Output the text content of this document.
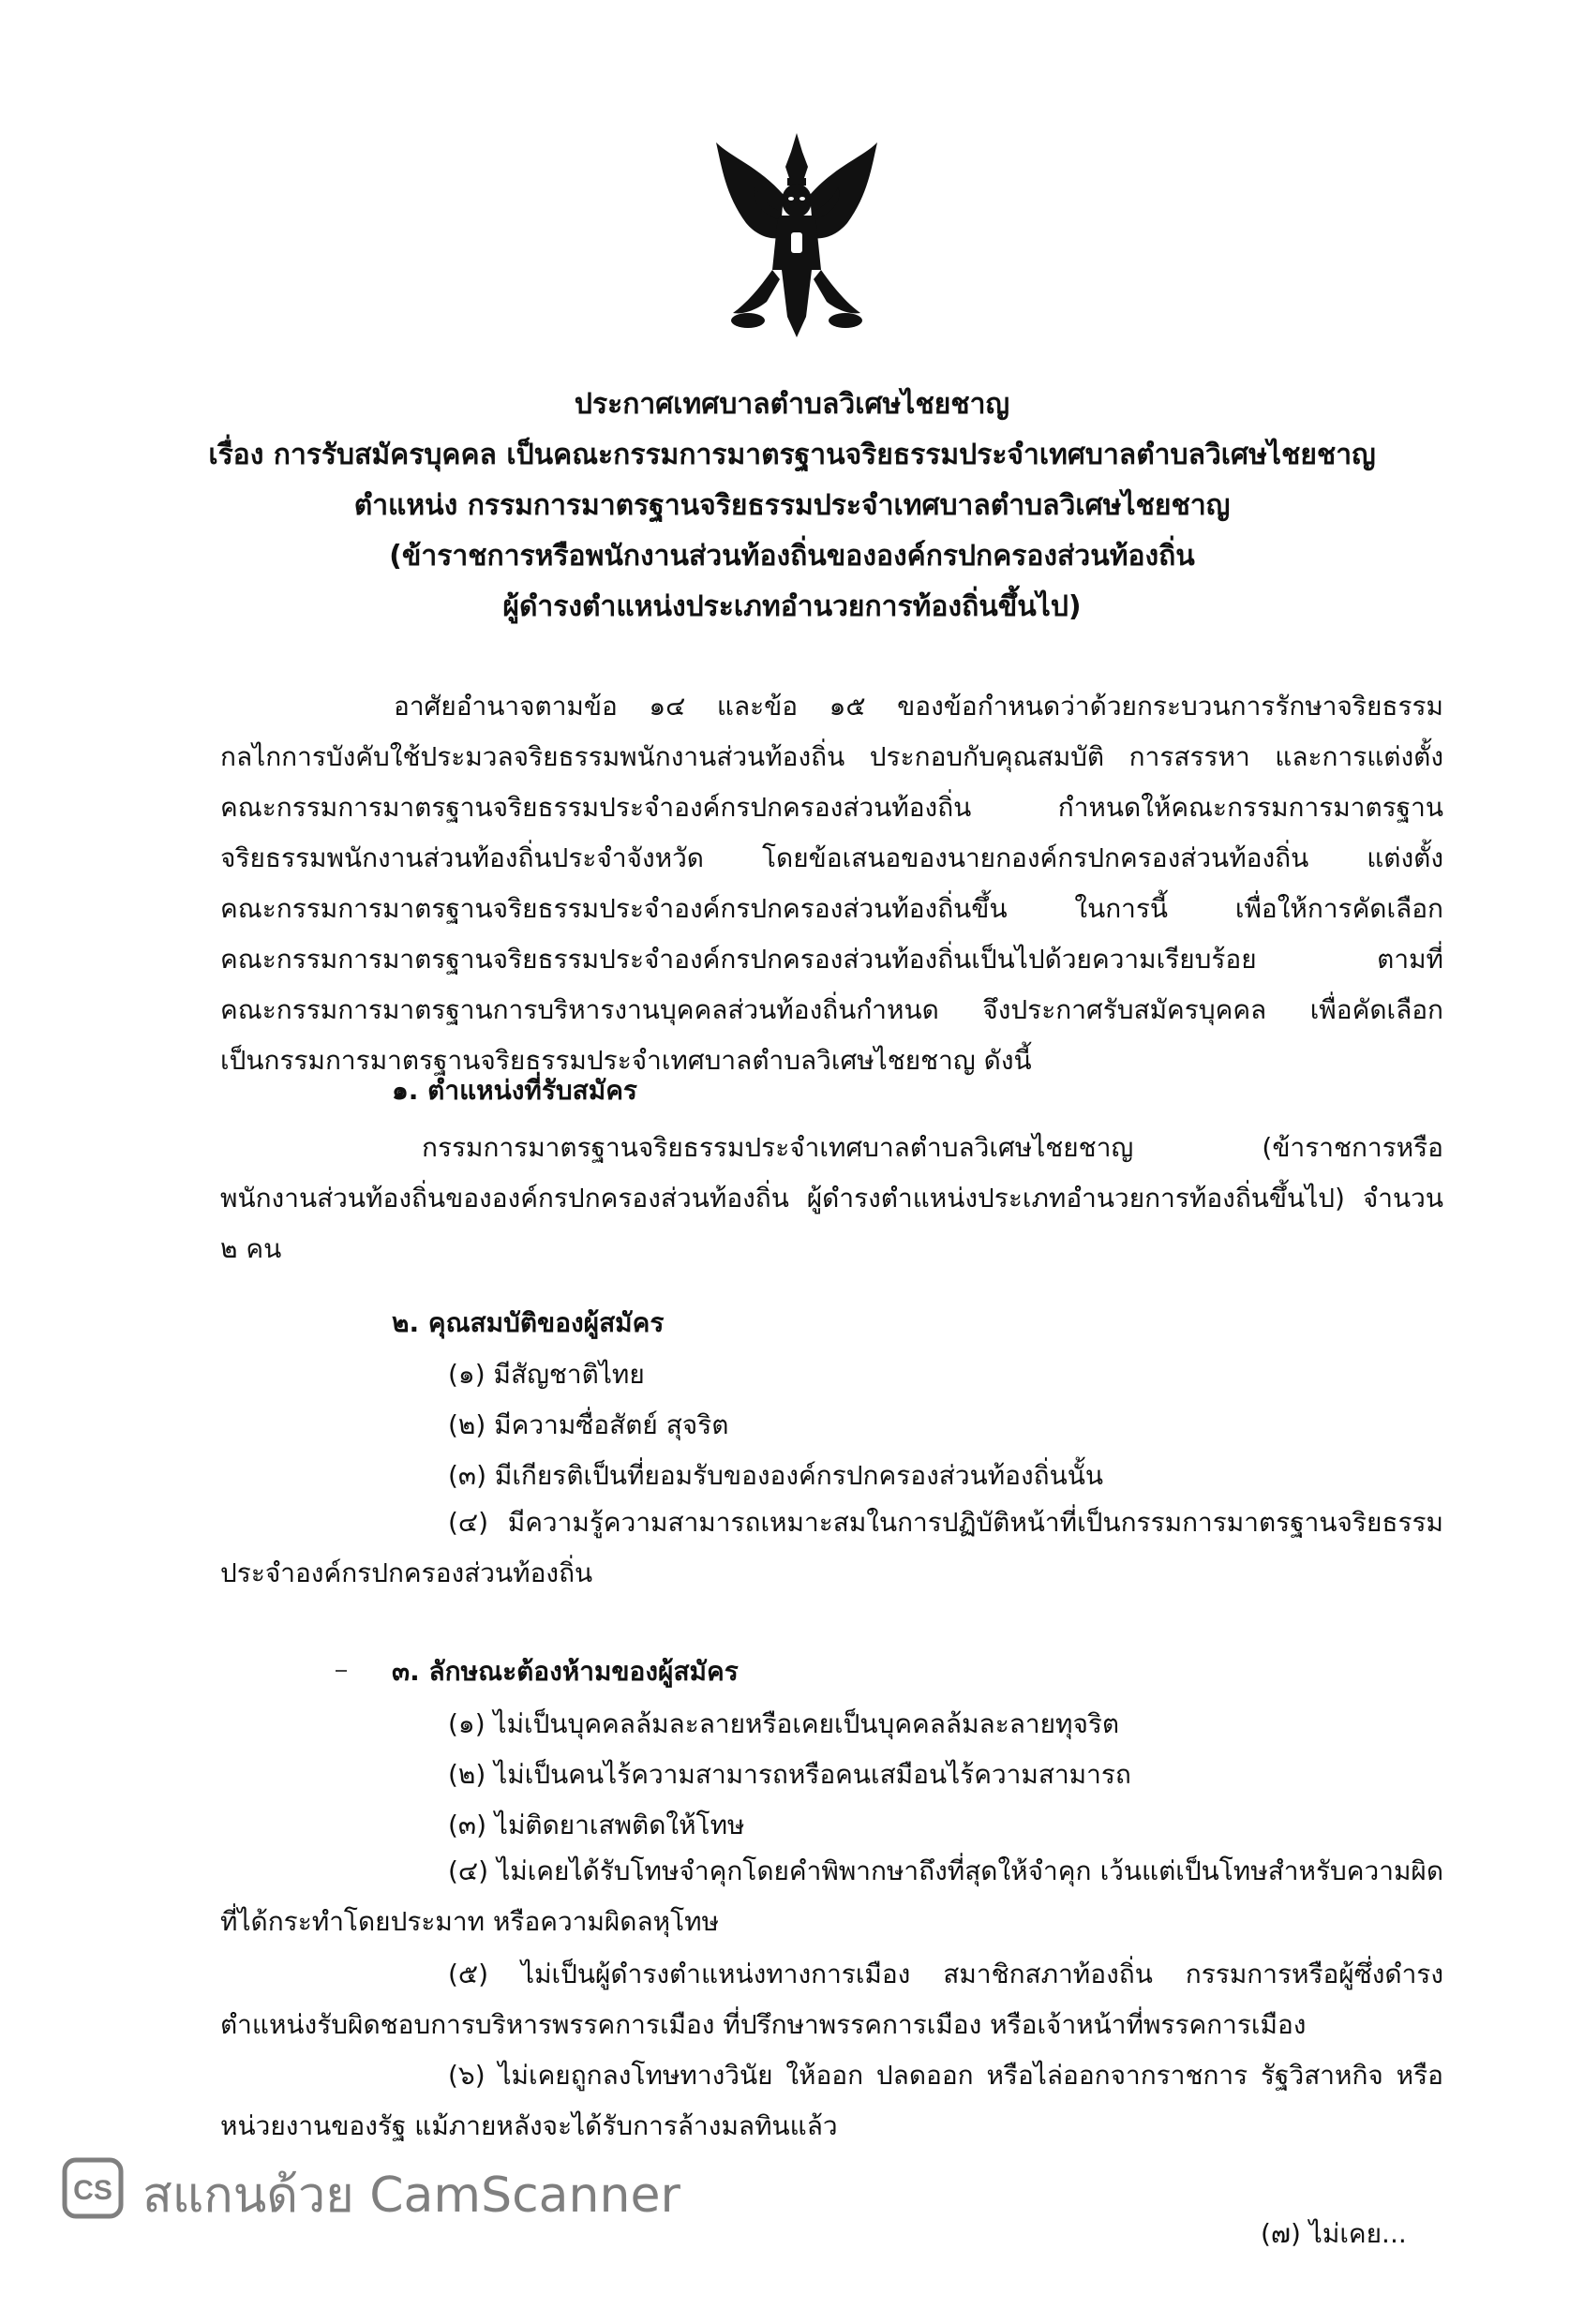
ประกาศเทศบาลตำบลวิเศษไชยชาญ
เรื่อง การรับสมัครบุคคล เป็นคณะกรรมการมาตรฐานจริยธรรมประจำเทศบาลตำบลวิเศษไชยชาญ
ตำแหน่ง กรรมการมาตรฐานจริยธรรมประจำเทศบาลตำบลวิเศษไชยชาญ
(ข้าราชการหรือพนักงานส่วนท้องถิ่นขององค์กรปกครองส่วนท้องถิ่น
ผู้ดำรงตำแหน่งประเภทอำนวยการท้องถิ่นขึ้นไป)

อาศัยอำนาจตามข้อ ๑๔ และข้อ ๑๕ ของข้อกำหนดว่าด้วยกระบวนการรักษาจริยธรรม

กลไกการบังคับใช้ประมวลจริยธรรมพนักงานส่วนท้องถิ่น ประกอบกับคุณสมบัติ การสรรหา และการแต่งตั้ง

คณะกรรมการมาตรฐานจริยธรรมประจำองค์กรปกครองส่วนท้องถิ่น กำหนดให้คณะกรรมการมาตรฐาน

จริยธรรมพนักงานส่วนท้องถิ่นประจำจังหวัด โดยข้อเสนอของนายกองค์กรปกครองส่วนท้องถิ่น แต่งตั้ง

คณะกรรมการมาตรฐานจริยธรรมประจำองค์กรปกครองส่วนท้องถิ่นขึ้น ในการนี้ เพื่อให้การคัดเลือก

คณะกรรมการมาตรฐานจริยธรรมประจำองค์กรปกครองส่วนท้องถิ่นเป็นไปด้วยความเรียบร้อย ตามที่

คณะกรรมการมาตรฐานการบริหารงานบุคคลส่วนท้องถิ่นกำหนด จึงประกาศรับสมัครบุคคล เพื่อคัดเลือก

เป็นกรรมการมาตรฐานจริยธรรมประจำเทศบาลตำบลวิเศษไชยชาญ ดังนี้

๑. ตำแหน่งที่รับสมัคร

กรรมการมาตรฐานจริยธรรมประจำเทศบาลตำบลวิเศษไชยชาญ (ข้าราชการหรือ

พนักงานส่วนท้องถิ่นขององค์กรปกครองส่วนท้องถิ่น ผู้ดำรงตำแหน่งประเภทอำนวยการท้องถิ่นขึ้นไป) จำนวน

๒ คน

๒. คุณสมบัติของผู้สมัคร
(๑) มีสัญชาติไทย
(๒) มีความซื่อสัตย์ สุจริต
(๓) มีเกียรติเป็นที่ยอมรับขององค์กรปกครองส่วนท้องถิ่นนั้น

(๔) มีความรู้ความสามารถเหมาะสมในการปฏิบัติหน้าที่เป็นกรรมการมาตรฐานจริยธรรม

ประจำองค์กรปกครองส่วนท้องถิ่น

๓. ลักษณะต้องห้ามของผู้สมัคร
(๑) ไม่เป็นบุคคลล้มละลายหรือเคยเป็นบุคคลล้มละลายทุจริต
(๒) ไม่เป็นคนไร้ความสามารถหรือคนเสมือนไร้ความสามารถ
(๓) ไม่ติดยาเสพติดให้โทษ

(๔) ไม่เคยได้รับโทษจำคุกโดยคำพิพากษาถึงที่สุดให้จำคุก เว้นแต่เป็นโทษสำหรับความผิด

ที่ได้กระทำโดยประมาท หรือความผิดลหุโทษ

(๕) ไม่เป็นผู้ดำรงตำแหน่งทางการเมือง สมาชิกสภาท้องถิ่น กรรมการหรือผู้ซึ่งดำรง

ตำแหน่งรับผิดชอบการบริหารพรรคการเมือง ที่ปรึกษาพรรคการเมือง หรือเจ้าหน้าที่พรรคการเมือง

(๖) ไม่เคยถูกลงโทษทางวินัย ให้ออก ปลดออก หรือไล่ออกจากราชการ รัฐวิสาหกิจ หรือ

หน่วยงานของรัฐ แม้ภายหลังจะได้รับการล้างมลทินแล้ว

CS สแกนด้วย CamScanner
(๗) ไม่เคย...
